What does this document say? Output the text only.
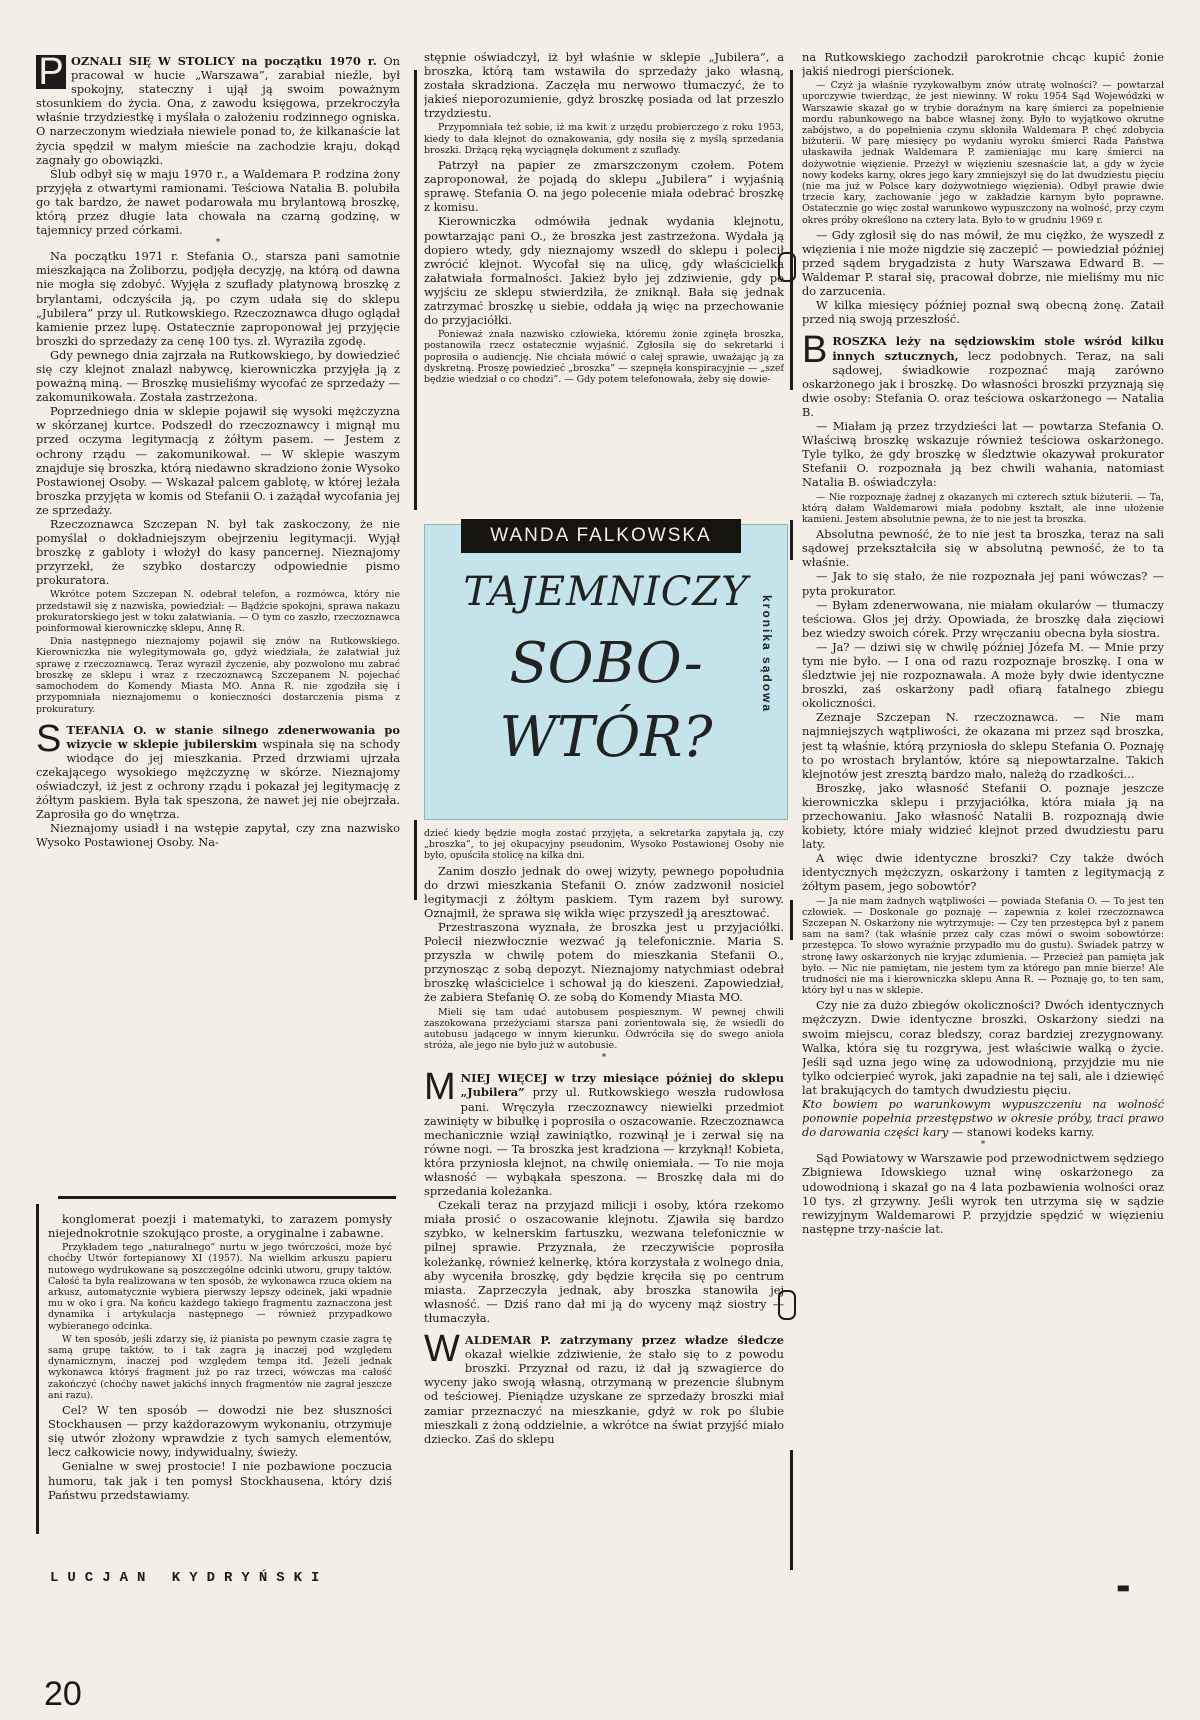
P OZNALI SIĘ W STOLICY na początku 1970 r. On pracował w hucie „Warszawa”, zarabiał nieźle, był spokojny, stateczny i ujął ją swoim poważnym stosunkiem do życia. Ona, z zawodu księgowa, przekroczyła właśnie trzydziestkę i myślała o założeniu rodzinnego ogniska. O narzeczonym wiedziała niewiele ponad to, że kilkanaście lat życia spędził w małym mieście na zachodzie kraju, dokąd zagnały go obowiązki.

Ślub odbył się w maju 1970 r., a Waldemara P. rodzina żony przyjęła z otwartymi ramionami. Teściowa Natalia B. polubiła go tak bardzo, że nawet podarowała mu brylantową broszkę, którą przez długie lata chowała na czarną godzinę, w tajemnicy przed córkami.

*

Na początku 1971 r. Stefania O., starsza pani samotnie mieszkająca na Żoliborzu, podjęła decyzję, na którą od dawna nie mogła się zdobyć. Wyjęła z szuflady platynową broszkę z brylantami, odczyściła ją, po czym udała się do sklepu „Jubilera” przy ul. Rutkowskiego. Rzeczoznawca długo oglądał kamienie przez lupę. Ostatecznie zaproponował jej przyjęcie broszki do sprzedaży za cenę 100 tys. zł. Wyraziła zgodę.

Gdy pewnego dnia zajrzała na Rutkowskiego, by dowiedzieć się czy klejnot znalazł nabywcę, kierowniczka przyjęła ją z poważną miną. — Broszkę musieliśmy wycofać ze sprzedaży — zakomunikowała. Została zastrzeżona.

Poprzedniego dnia w sklepie pojawił się wysoki mężczyzna w skórzanej kurtce. Podszedł do rzeczoznawcy i mignął mu przed oczyma legitymacją z żółtym pasem. — Jestem z ochrony rządu — zakomunikował. — W sklepie waszym znajduje się broszka, którą niedawno skradziono żonie Wysoko Postawionej Osoby. — Wskazał palcem gablotę, w której leżała broszka przyjęta w komis od Stefanii O. i zażądał wycofania jej ze sprzedaży.

Rzeczoznawca Szczepan N. był tak zaskoczony, że nie pomyślał o dokładniejszym obejrzeniu legitymacji. Wyjął broszkę z gabloty i włożył do kasy pancernej. Nieznajomy przyrzekł, że szybko dostarczy odpowiednie pismo prokuratora.

Wkrótce potem Szczepan N. odebrał telefon, a rozmówca, który nie przedstawił się z nazwiska, powiedział: — Bądźcie spokojni, sprawa nakazu prokuratorskiego jest w toku załatwiania. — O tym co zaszło, rzeczoznawca poinformował kierowniczkę sklepu, Annę R.

Dnia następnego nieznajomy pojawił się znów na Rutkowskiego. Kierowniczka nie wylegitymowała go, gdyż wiedziała, że załatwiał już sprawę z rzeczoznawcą. Teraz wyraził życzenie, aby pozwolono mu zabrać broszkę ze sklepu i wraz z rzeczoznawcą Szczepanem N. pojechać samochodem do Komendy Miasta MO. Anna R. nie zgodziła się i przypomniała nieznajomemu o konieczności dostarczenia pisma z prokuratury.

S TEFANIA O. w stanie silnego zdenerwowania po wizycie w sklepie jubilerskim wspinała się na schody wiodące do jej mieszkania. Przed drzwiami ujrzała czekającego wysokiego mężczyznę w skórze. Nieznajomy oświadczył, iż jest z ochrony rządu i pokazał jej legitymację z żółtym paskiem. Była tak speszona, że nawet jej nie obejrzała. Zaprosiła go do wnętrza.

Nieznajomy usiadł i na wstępie zapytał, czy zna nazwisko Wysoko Postawionej Osoby. Na-

konglomerat poezji i matematyki, to zarazem pomysły niejednokrotnie szokująco proste, a oryginalne i zabawne.

Przykładem tego „naturalnego” nurtu w jego twórczości, może być choćby Utwór fortepianowy XI (1957). Na wielkim arkuszu papieru nutowego wydrukowane są poszczególne odcinki utworu, grupy taktów. Całość ta była realizowana w ten sposób, że wykonawca rzuca okiem na arkusz, automatycznie wybiera pierwszy lepszy odcinek, jaki wpadnie mu w oko i gra. Na końcu każdego takiego fragmentu zaznaczona jest dynamika i artykulacja następnego — również przypadkowo wybieranego odcinka.

W ten sposób, jeśli zdarzy się, iż pianista po pewnym czasie zagra tę samą grupę taktów, to i tak zagra ją inaczej pod względem dynamicznym, inaczej pod względem tempa itd. Jeżeli jednak wykonawca któryś fragment już po raz trzeci, wówczas ma całość zakończyć (choćby nawet jakichś innych fragmentów nie zagrał jeszcze ani razu).

Cel? W ten sposób — dowodzi nie bez słuszności Stockhausen — przy każdorazowym wykonaniu, otrzymuje się utwór złożony wprawdzie z tych samych elementów, lecz całkowicie nowy, indywidualny, świeży.

Genialne w swej prostocie! I nie pozbawione poczucia humoru, tak jak i ten pomysł Stockhausena, który dziś Państwu przedstawiamy.

LUCJAN KYDRYŃSKI
20

stępnie oświadczył, iż był właśnie w sklepie „Jubilera”, a broszka, którą tam wstawiła do sprzedaży jako własną, została skradziona. Zaczęła mu nerwowo tłumaczyć, że to jakieś nieporozumienie, gdyż broszkę posiada od lat przeszło trzydziestu.

Przypomniała też sobie, iż ma kwit z urzędu probierczego z roku 1953, kiedy to dała klejnot do oznakowania, gdy nosiła się z myślą sprzedania broszki. Drżącą ręką wyciągnęła dokument z szuflady.

Patrzył na papier ze zmarszczonym czołem. Potem zaproponował, że pojadą do sklepu „Jubilera” i wyjaśnią sprawę. Stefania O. na jego polecenie miała odebrać broszkę z komisu.

Kierowniczka odmówiła jednak wydania klejnotu, powtarzając pani O., że broszka jest zastrzeżona. Wydała ją dopiero wtedy, gdy nieznajomy wszedł do sklepu i polecił zwrócić klejnot. Wycofał się na ulicę, gdy właścicielka załatwiała formalności. Jakież było jej zdziwienie, gdy po wyjściu ze sklepu stwierdziła, że zniknął. Bała się jednak zatrzymać broszkę u siebie, oddała ją więc na przechowanie do przyjaciółki.

Ponieważ znała nazwisko człowieka, któremu żonie zginęła broszka, postanowiła rzecz ostatecznie wyjaśnić. Zgłosiła się do sekretarki i poprosiła o audiencję. Nie chciała mówić o całej sprawie, uważając ją za dyskretną. Proszę powiedzieć „broszka” — szepnęła konspiracyjnie — „szef będzie wiedział o co chodzi”. — Gdy potem telefonowała, żeby się dowie-

TAJEMNICZY
SOBO-
WTÓR?
kronika sądowa
WANDA FALKOWSKA

dzieć kiedy będzie mogła zostać przyjęta, a sekretarka zapytała ją, czy „broszka”, to jej okupacyjny pseudonim, Wysoko Postawionej Osoby nie było, opuściła stolicę na kilka dni.

Zanim doszło jednak do owej wizyty, pewnego popołudnia do drzwi mieszkania Stefanii O. znów zadzwonił nosiciel legitymacji z żółtym paskiem. Tym razem był surowy. Oznajmił, że sprawa się wikła więc przyszedł ją aresztować.

Przestraszona wyznała, że broszka jest u przyjaciółki. Polecił niezwłocznie wezwać ją telefonicznie. Maria S. przyszła w chwilę potem do mieszkania Stefanii O., przynosząc z sobą depozyt. Nieznajomy natychmiast odebrał broszkę właścicielce i schował ją do kieszeni. Zapowiedział, że zabiera Stefanię O. ze sobą do Komendy Miasta MO.

Mieli się tam udać autobusem pospiesznym. W pewnej chwili zaszokowana przeżyciami starsza pani zorientowała się, że wsiedli do autobusu jadącego w innym kierunku. Odwróciła się do swego anioła stróża, ale jego nie było już w autobusie.

*

M NIEJ WIĘCEJ w trzy miesiące później do sklepu „Jubilera” przy ul. Rutkowskiego weszła rudowłosa pani. Wręczyła rzeczoznawcy niewielki przedmiot zawinięty w bibułkę i poprosiła o oszacowanie. Rzeczoznawca mechanicznie wziął zawiniątko, rozwinął je i zerwał się na równe nogi. — Ta broszka jest kradziona — krzyknął! Kobieta, która przyniosła klejnot, na chwilę oniemiała. — To nie moja własność — wybąkała speszona. — Broszkę dała mi do sprzedania koleżanka.

Czekali teraz na przyjazd milicji i osoby, która rzekomo miała prosić o oszacowanie klejnotu. Zjawiła się bardzo szybko, w kelnerskim fartuszku, wezwana telefonicznie w pilnej sprawie. Przyznała, że rzeczywiście poprosiła koleżankę, również kelnerkę, która korzystała z wolnego dnia, aby wyceniła broszkę, gdy będzie kręciła się po centrum miasta. Zaprzeczyła jednak, aby broszka stanowiła jej własność. — Dziś rano dał mi ją do wyceny mąż siostry — tłumaczyła.

W ALDEMAR P. zatrzymany przez władze śledcze okazał wielkie zdziwienie, że stało się to z powodu broszki. Przyznał od razu, iż dał ją szwagierce do wyceny jako swoją własną, otrzymaną w prezencie ślubnym od teściowej. Pieniądze uzyskane ze sprzedaży broszki miał zamiar przeznaczyć na mieszkanie, gdyż w rok po ślubie mieszkali z żoną oddzielnie, a wkrótce na świat przyjść miało dziecko. Zaś do sklepu

na Rutkowskiego zachodził parokrotnie chcąc kupić żonie jakiś niedrogi pierścionek.

— Czyż ja właśnie ryzykowałbym znów utratę wolności? — powtarzał uporczywie twierdząc, że jest niewinny. W roku 1954 Sąd Wojewódzki w Warszawie skazał go w trybie doraźnym na karę śmierci za popełnienie mordu rabunkowego na babce własnej żony. Było to wyjątkowo okrutne zabójstwo, a do popełnienia czynu skłoniła Waldemara P. chęć zdobycia biżuterii. W parę miesięcy po wydaniu wyroku śmierci Rada Państwa ułaskawiła jednak Waldemara P. zamieniając mu karę śmierci na dożywotnie więzienie. Przeżył w więzieniu szesnaście lat, a gdy w życie nowy kodeks karny, okres jego kary zmniejszył się do lat dwudziestu pięciu (nie ma już w Polsce kary dożywotniego więzienia). Odbył prawie dwie trzecie kary, zachowanie jego w zakładzie karnym było poprawne. Ostatecznie go więc został warunkowo wypuszczony na wolność, przy czym okres próby określono na cztery lata. Było to w grudniu 1969 r.

— Gdy zgłosił się do nas mówił, że mu ciężko, że wyszedł z więzienia i nie może nigdzie się zaczepić — powiedział później przed sądem brygadzista z huty Warszawa Edward B. — Waldemar P. starał się, pracował dobrze, nie mieliśmy mu nic do zarzucenia.

W kilka miesięcy później poznał swą obecną żonę. Zataił przed nią swoją przeszłość.

B ROSZKA leży na sędziowskim stole wśród kilku innych sztucznych, lecz podobnych. Teraz, na sali sądowej, świadkowie rozpoznać mają zarówno oskarżonego jak i broszkę. Do własności broszki przyznają się dwie osoby: Stefania O. oraz teściowa oskarżonego — Natalia B.

— Miałam ją przez trzydzieści lat — powtarza Stefania O. Właściwą broszkę wskazuje również teściowa oskarżonego. Tyle tylko, że gdy broszkę w śledztwie okazywał prokurator Stefanii O. rozpoznała ją bez chwili wahania, natomiast Natalia B. oświadczyła:

— Nie rozpoznaję żadnej z okazanych mi czterech sztuk biżuterii. — Ta, którą dałam Waldemarowi miała podobny kształt, ale inne ułożenie kamieni. Jestem absolutnie pewna, że to nie jest ta broszka.

Absolutna pewność, że to nie jest ta broszka, teraz na sali sądowej przekształciła się w absolutną pewność, że to ta właśnie.

— Jak to się stało, że nie rozpoznała jej pani wówczas? — pyta prokurator.

— Byłam zdenerwowana, nie miałam okularów — tłumaczy teściowa. Głos jej drży. Opowiada, że broszkę dała zięciowi bez wiedzy swoich córek. Przy wręczaniu obecna była siostra.

— Ja? — dziwi się w chwilę później Józefa M. — Mnie przy tym nie było. — I ona od razu rozpoznaje broszkę. I ona w śledztwie jej nie rozpoznawała. A może były dwie identyczne broszki, zaś oskarżony padł ofiarą fatalnego zbiegu okoliczności.

Zeznaje Szczepan N. rzeczoznawca. — Nie mam najmniejszych wątpliwości, że okazana mi przez sąd broszka, jest tą właśnie, którą przyniosła do sklepu Stefania O. Poznaję to po wrostach brylantów, które są niepowtarzalne. Takich klejnotów jest zresztą bardzo mało, należą do rzadkości...

Broszkę, jako własność Stefanii O. poznaje jeszcze kierowniczka sklepu i przyjaciółka, która miała ją na przechowaniu. Jako własność Natalii B. rozpoznają dwie kobiety, które miały widzieć klejnot przed dwudziestu paru laty.

A więc dwie identyczne broszki? Czy także dwóch identycznych mężczyzn, oskarżony i tamten z legitymacją z żółtym pasem, jego sobowtór?

— Ja nie mam żadnych wątpliwości — powiada Stefania O. — To jest ten człowiek. — Doskonale go poznaję — zapewnia z kolei rzeczoznawca Szczepan N. Oskarżony nie wytrzymuje: — Czy ten przestępca był z panem sam na sam? (tak właśnie przez cały czas mówi o swoim sobowtórze: przestępca. To słowo wyraźnie przypadło mu do gustu). Świadek patrzy w stronę ławy oskarżonych nie kryjąc zdumienia. — Przecież pan pamięta jak było. — Nic nie pamiętam, nie jestem tym za którego pan mnie bierze! Ale trudności nie ma i kierowniczka sklepu Anna R. — Poznaję go, to ten sam, który był u nas w sklepie.

Czy nie za dużo zbiegów okoliczności? Dwóch identycznych mężczyzn. Dwie identyczne broszki. Oskarżony siedzi na swoim miejscu, coraz bledszy, coraz bardziej zrezygnowany. Walka, która się tu rozgrywa, jest właściwie walką o życie. Jeśli sąd uzna jego winę za udowodnioną, przyjdzie mu nie tylko odcierpieć wyrok, jaki zapadnie na tej sali, ale i dziewięć lat brakujących do tamtych dwudziestu pięciu.

Kto bowiem po warunkowym wypuszczeniu na wolność ponownie popełnia przestępstwo w okresie próby, traci prawo do darowania części kary — stanowi kodeks karny.

*

Sąd Powiatowy w Warszawie pod przewodnictwem sędziego Zbigniewa Idowskiego uznał winę oskarżonego za udowodnioną i skazał go na 4 lata pozbawienia wolności oraz 10 tys. zł grzywny. Jeśli wyrok ten utrzyma się w sądzie rewizyjnym Waldemarowi P. przyjdzie spędzić w więzieniu następne trzy-naście lat.

■■
